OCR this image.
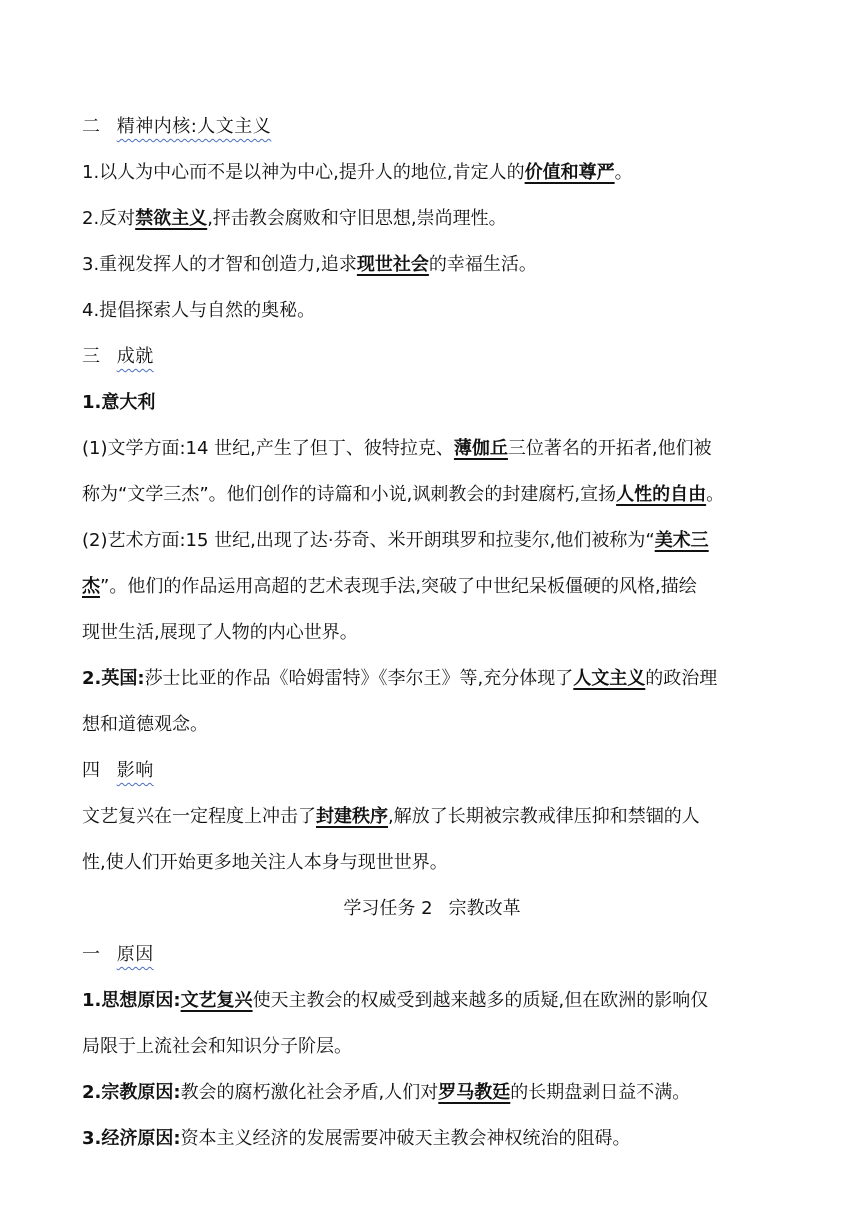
二 精神内核:人文主义
1.以人为中心而不是以神为中心,提升人的地位,肯定人的价值和尊严。
2.反对禁欲主义,抨击教会腐败和守旧思想,崇尚理性。
3.重视发挥人的才智和创造力,追求现世社会的幸福生活。
4.提倡探索人与自然的奥秘。
三 成就
1.意大利
(1)文学方面:14 世纪,产生了但丁、彼特拉克、薄伽丘三位著名的开拓者,他们被
称为“文学三杰”。他们创作的诗篇和小说,讽刺教会的封建腐朽,宣扬人性的自由。
(2)艺术方面:15 世纪,出现了达·芬奇、米开朗琪罗和拉斐尔,他们被称为“美术三
杰”。他们的作品运用高超的艺术表现手法,突破了中世纪呆板僵硬的风格,描绘
现世生活,展现了人物的内心世界。
2.英国:莎士比亚的作品《哈姆雷特》《李尔王》等,充分体现了人文主义的政治理
想和道德观念。
四 影响
文艺复兴在一定程度上冲击了封建秩序,解放了长期被宗教戒律压抑和禁锢的人
性,使人们开始更多地关注人本身与现世世界。
学习任务 2 宗教改革
一 原因
1.思想原因:文艺复兴使天主教会的权威受到越来越多的质疑,但在欧洲的影响仅
局限于上流社会和知识分子阶层。
2.宗教原因:教会的腐朽激化社会矛盾,人们对罗马教廷的长期盘剥日益不满。
3.经济原因:资本主义经济的发展需要冲破天主教会神权统治的阻碍。
